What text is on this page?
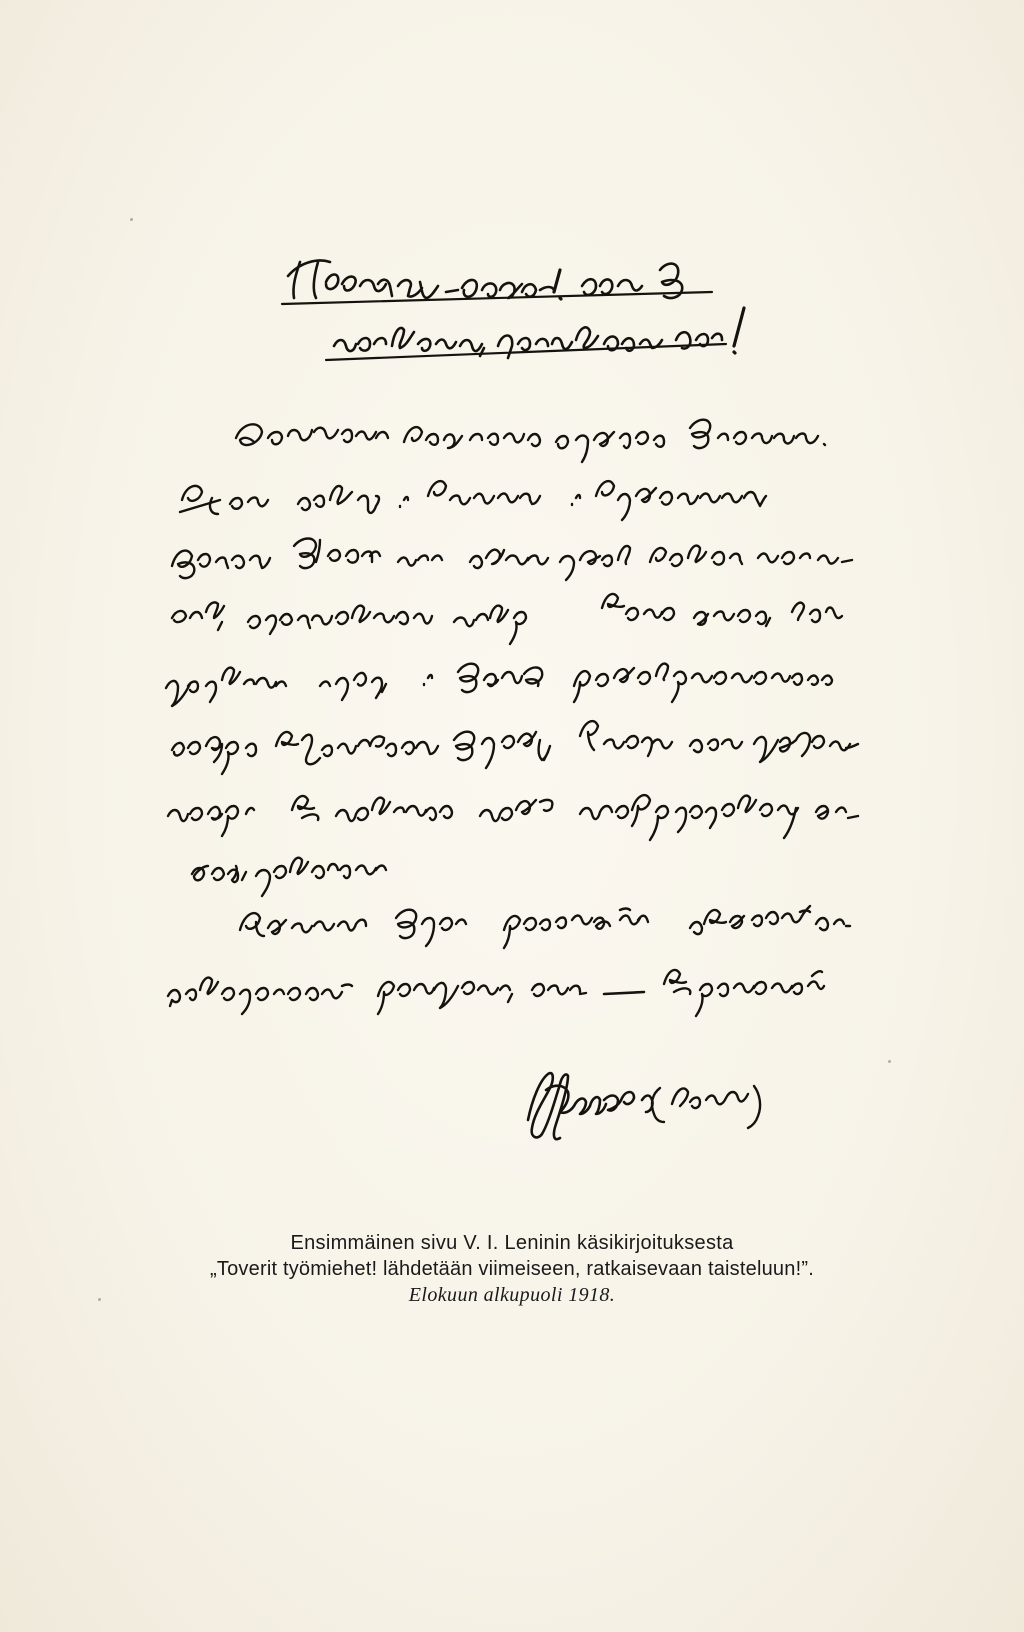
Ensimmäinen sivu V. I. Leninin käsikirjoituksesta
„Toverit työmiehet! lähdetään viimeiseen, ratkaisevaan taisteluun!”.
Elokuun alkupuoli 1918.
